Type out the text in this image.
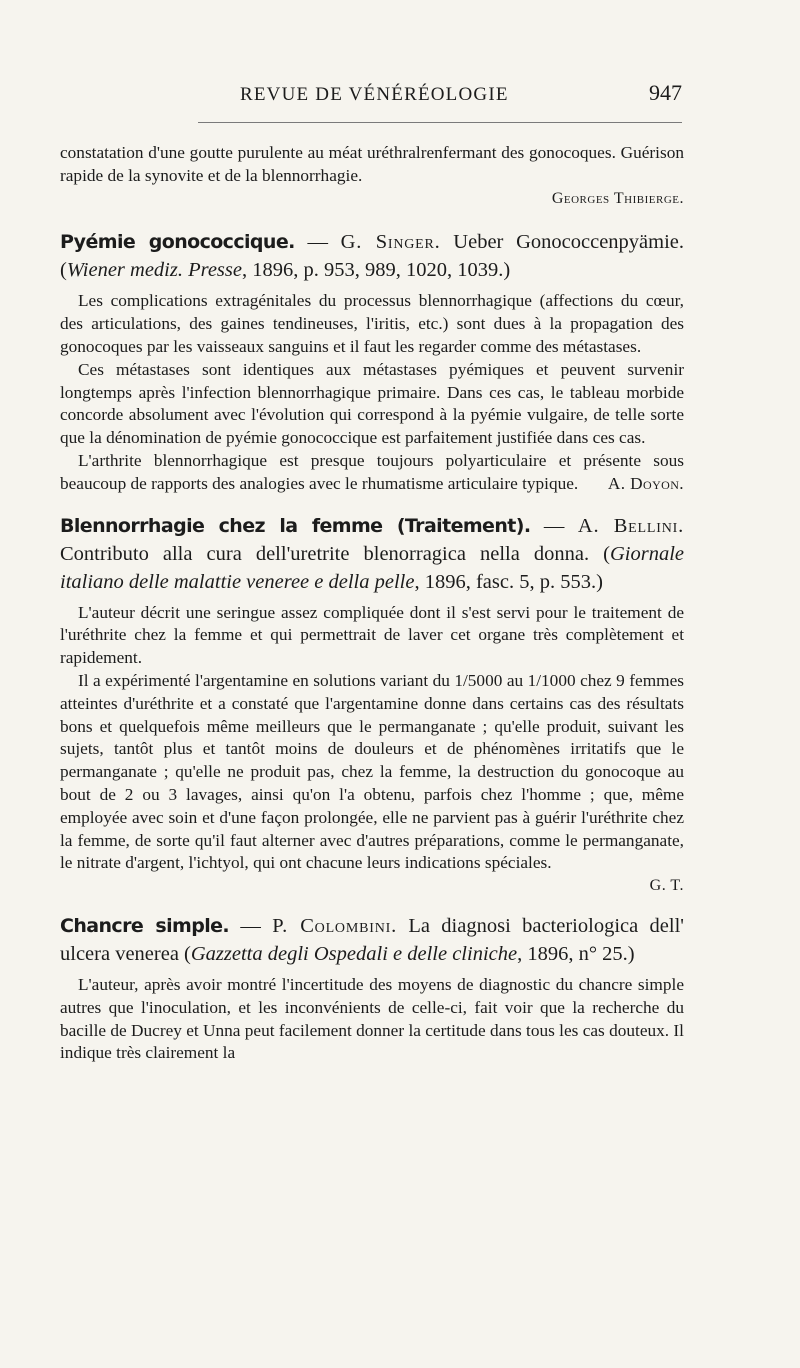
REVUE DE VÉNÉRÉOLOGIE	947

constatation d'une goutte purulente au méat uréthralrenfermant des gonocoques. Guérison rapide de la synovite et de la blennorrhagie.

Georges Thibierge.

Pyémie gonococcique. — G. Singer. Ueber Gonococcenpyämie. (Wiener mediz. Presse, 1896, p. 953, 989, 1020, 1039.)

Les complications extragénitales du processus blennorrhagique (affections du cœur, des articulations, des gaines tendineuses, l'iritis, etc.) sont dues à la propagation des gonocoques par les vaisseaux sanguins et il faut les regarder comme des métastases.

Ces métastases sont identiques aux métastases pyémiques et peuvent survenir longtemps après l'infection blennorrhagique primaire. Dans ces cas, le tableau morbide concorde absolument avec l'évolution qui correspond à la pyémie vulgaire, de telle sorte que la dénomination de pyémie gonococcique est parfaitement justifiée dans ces cas.

L'arthrite blennorrhagique est presque toujours polyarticulaire et présente sous beaucoup de rapports des analogies avec le rhumatisme articulaire typique.	A. Doyon.

Blennorrhagie chez la femme (Traitement). — A. Bellini. Contributo alla cura dell'uretrite blenorragica nella donna. (Giornale italiano delle malattie veneree e della pelle, 1896, fasc. 5, p. 553.)

L'auteur décrit une seringue assez compliquée dont il s'est servi pour le traitement de l'uréthrite chez la femme et qui permettrait de laver cet organe très complètement et rapidement.

Il a expérimenté l'argentamine en solutions variant du 1/5000 au 1/1000 chez 9 femmes atteintes d'uréthrite et a constaté que l'argentamine donne dans certains cas des résultats bons et quelquefois même meilleurs que le permanganate ; qu'elle produit, suivant les sujets, tantôt plus et tantôt moins de douleurs et de phénomènes irritatifs que le permanganate ; qu'elle ne produit pas, chez la femme, la destruction du gonocoque au bout de 2 ou 3 lavages, ainsi qu'on l'a obtenu, parfois chez l'homme ; que, même employée avec soin et d'une façon prolongée, elle ne parvient pas à guérir l'uréthrite chez la femme, de sorte qu'il faut alterner avec d'autres préparations, comme le permanganate, le nitrate d'argent, l'ichtyol, qui ont chacune leurs indications spéciales.

G. T.

Chancre simple. — P. Colombini. La diagnosi bacteriologica dell' ulcera venerea (Gazzetta degli Ospedali e delle cliniche, 1896, n° 25.)

L'auteur, après avoir montré l'incertitude des moyens de diagnostic du chancre simple autres que l'inoculation, et les inconvénients de celle-ci, fait voir que la recherche du bacille de Ducrey et Unna peut facilement donner la certitude dans tous les cas douteux. Il indique très clairement la
